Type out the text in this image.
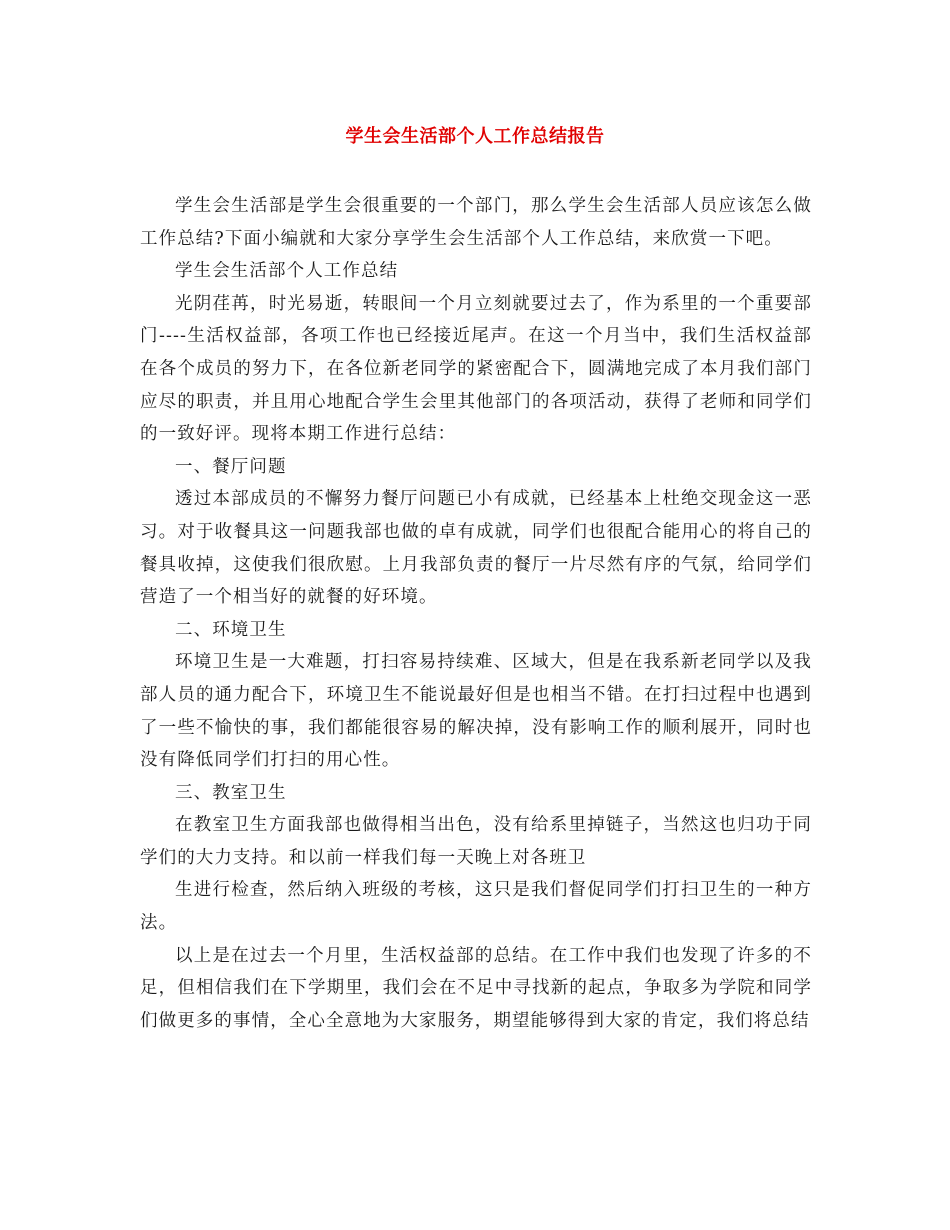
学生会生活部个人工作总结报告

学生会生活部是学生会很重要的一个部门，那么学生会生活部人员应该怎么做工作总结?下面小编就和大家分享学生会生活部个人工作总结，来欣赏一下吧。

学生会生活部个人工作总结

光阴荏苒，时光易逝，转眼间一个月立刻就要过去了，作为系里的一个重要部门----生活权益部，各项工作也已经接近尾声。在这一个月当中，我们生活权益部在各个成员的努力下，在各位新老同学的紧密配合下，圆满地完成了本月我们部门应尽的职责，并且用心地配合学生会里其他部门的各项活动，获得了老师和同学们的一致好评。现将本期工作进行总结：

一、餐厅问题

透过本部成员的不懈努力餐厅问题已小有成就，已经基本上杜绝交现金这一恶习。对于收餐具这一问题我部也做的卓有成就，同学们也很配合能用心的将自己的餐具收掉，这使我们很欣慰。上月我部负责的餐厅一片尽然有序的气氛，给同学们营造了一个相当好的就餐的好环境。

二、环境卫生

环境卫生是一大难题，打扫容易持续难、区域大，但是在我系新老同学以及我部人员的通力配合下，环境卫生不能说最好但是也相当不错。在打扫过程中也遇到了一些不愉快的事，我们都能很容易的解决掉，没有影响工作的顺利展开，同时也没有降低同学们打扫的用心性。

三、教室卫生

在教室卫生方面我部也做得相当出色，没有给系里掉链子，当然这也归功于同学们的大力支持。和以前一样我们每一天晚上对各班卫

生进行检查，然后纳入班级的考核，这只是我们督促同学们打扫卫生的一种方法。

以上是在过去一个月里，生活权益部的总结。在工作中我们也发现了许多的不足，但相信我们在下学期里，我们会在不足中寻找新的起点，争取多为学院和同学们做更多的事情，全心全意地为大家服务，期望能够得到大家的肯定，我们将总结
